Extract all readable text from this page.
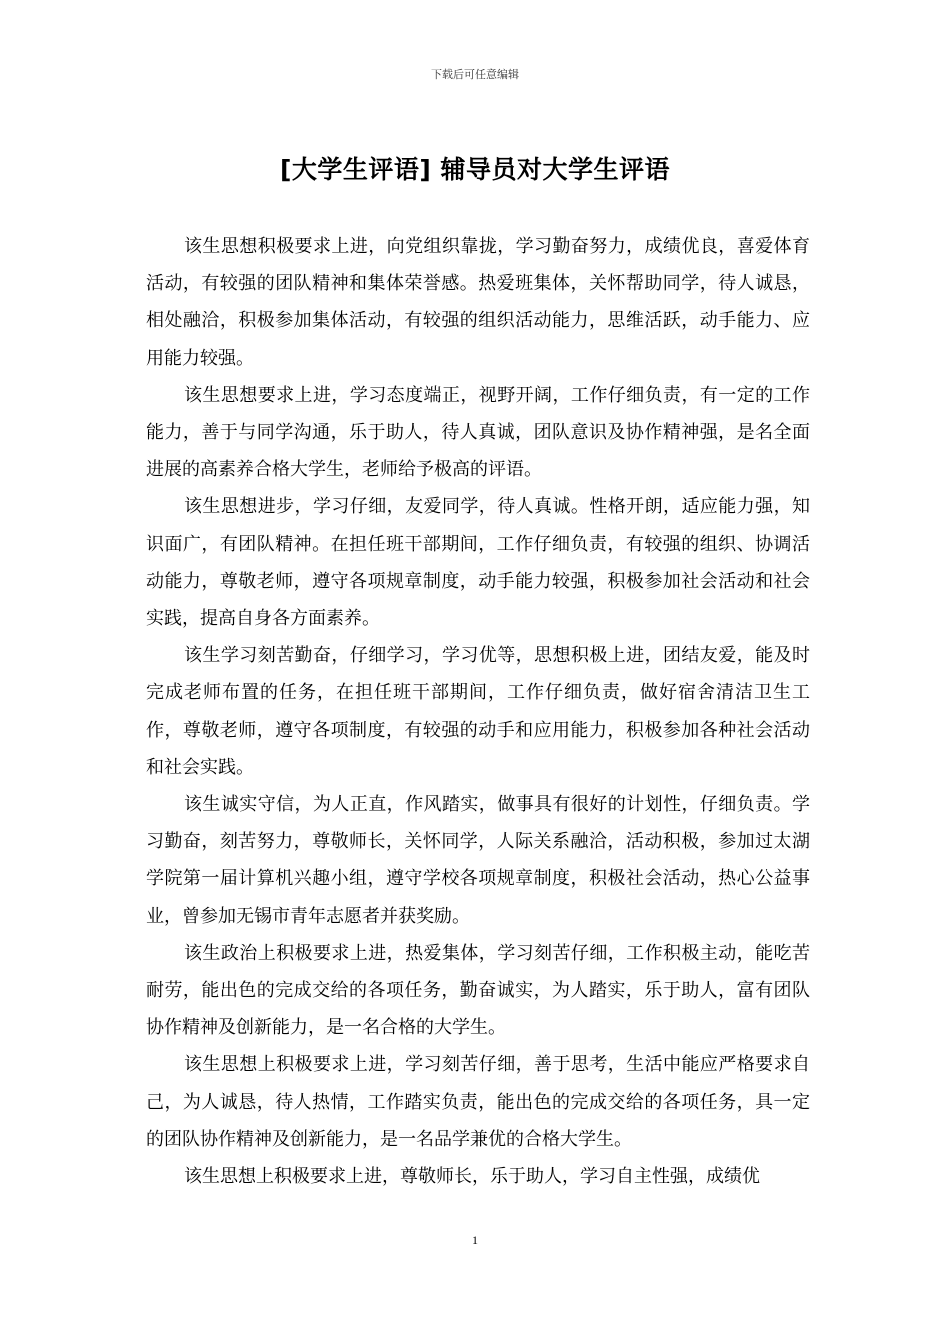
下载后可任意编辑
[大学生评语] 辅导员对大学生评语

该生思想积极要求上进，向党组织靠拢，学习勤奋努力，成绩优良，喜爱体育活动，有较强的团队精神和集体荣誉感。热爱班集体，关怀帮助同学，待人诚恳，相处融洽，积极参加集体活动，有较强的组织活动能力，思维活跃，动手能力、应用能力较强。

该生思想要求上进，学习态度端正，视野开阔，工作仔细负责，有一定的工作能力，善于与同学沟通，乐于助人，待人真诚，团队意识及协作精神强，是名全面进展的高素养合格大学生，老师给予极高的评语。

该生思想进步，学习仔细，友爱同学，待人真诚。性格开朗，适应能力强，知识面广，有团队精神。在担任班干部期间，工作仔细负责，有较强的组织、协调活动能力，尊敬老师，遵守各项规章制度，动手能力较强，积极参加社会活动和社会实践，提高自身各方面素养。

该生学习刻苦勤奋，仔细学习，学习优等，思想积极上进，团结友爱，能及时完成老师布置的任务，在担任班干部期间，工作仔细负责，做好宿舍清洁卫生工作，尊敬老师，遵守各项制度，有较强的动手和应用能力，积极参加各种社会活动和社会实践。

该生诚实守信，为人正直，作风踏实，做事具有很好的计划性，仔细负责。学习勤奋，刻苦努力，尊敬师长，关怀同学，人际关系融洽，活动积极，参加过太湖学院第一届计算机兴趣小组，遵守学校各项规章制度，积极社会活动，热心公益事业，曾参加无锡市青年志愿者并获奖励。

该生政治上积极要求上进，热爱集体，学习刻苦仔细，工作积极主动，能吃苦耐劳，能出色的完成交给的各项任务，勤奋诚实，为人踏实，乐于助人，富有团队协作精神及创新能力，是一名合格的大学生。

该生思想上积极要求上进，学习刻苦仔细，善于思考，生活中能应严格要求自己，为人诚恳，待人热情，工作踏实负责，能出色的完成交给的各项任务，具一定的团队协作精神及创新能力，是一名品学兼优的合格大学生。

该生思想上积极要求上进，尊敬师长，乐于助人，学习自主性强，成绩优

1
